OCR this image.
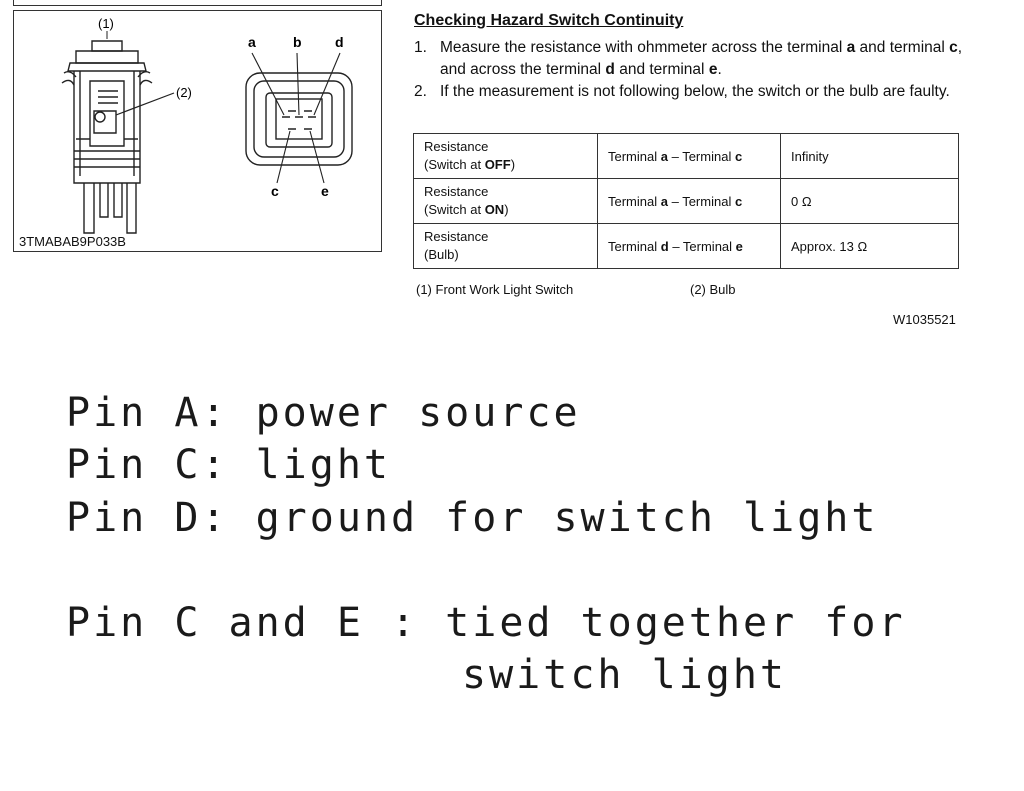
(1)
(2)
a	b d
c	e
3TMABAB9P033B
Checking Hazard Switch Continuity
1. Measure the resistance with ohmmeter across the terminal a and terminal c, and across the terminal d and terminal e.
2. If the measurement is not following below, the switch or the bulb are faulty.
Resistance
(Switch at OFF)	Terminal a – Terminal c	Infinity
Resistance
(Switch at ON)	Terminal a – Terminal c	0 Ω
Resistance
(Bulb)	Terminal d – Terminal e	Approx. 13 Ω
(1) Front Work Light Switch	(2) Bulb
W1035521
Pin A: power source
Pin C: light
Pin D: ground for switch light
Pin C and E : tied together for
switch light
